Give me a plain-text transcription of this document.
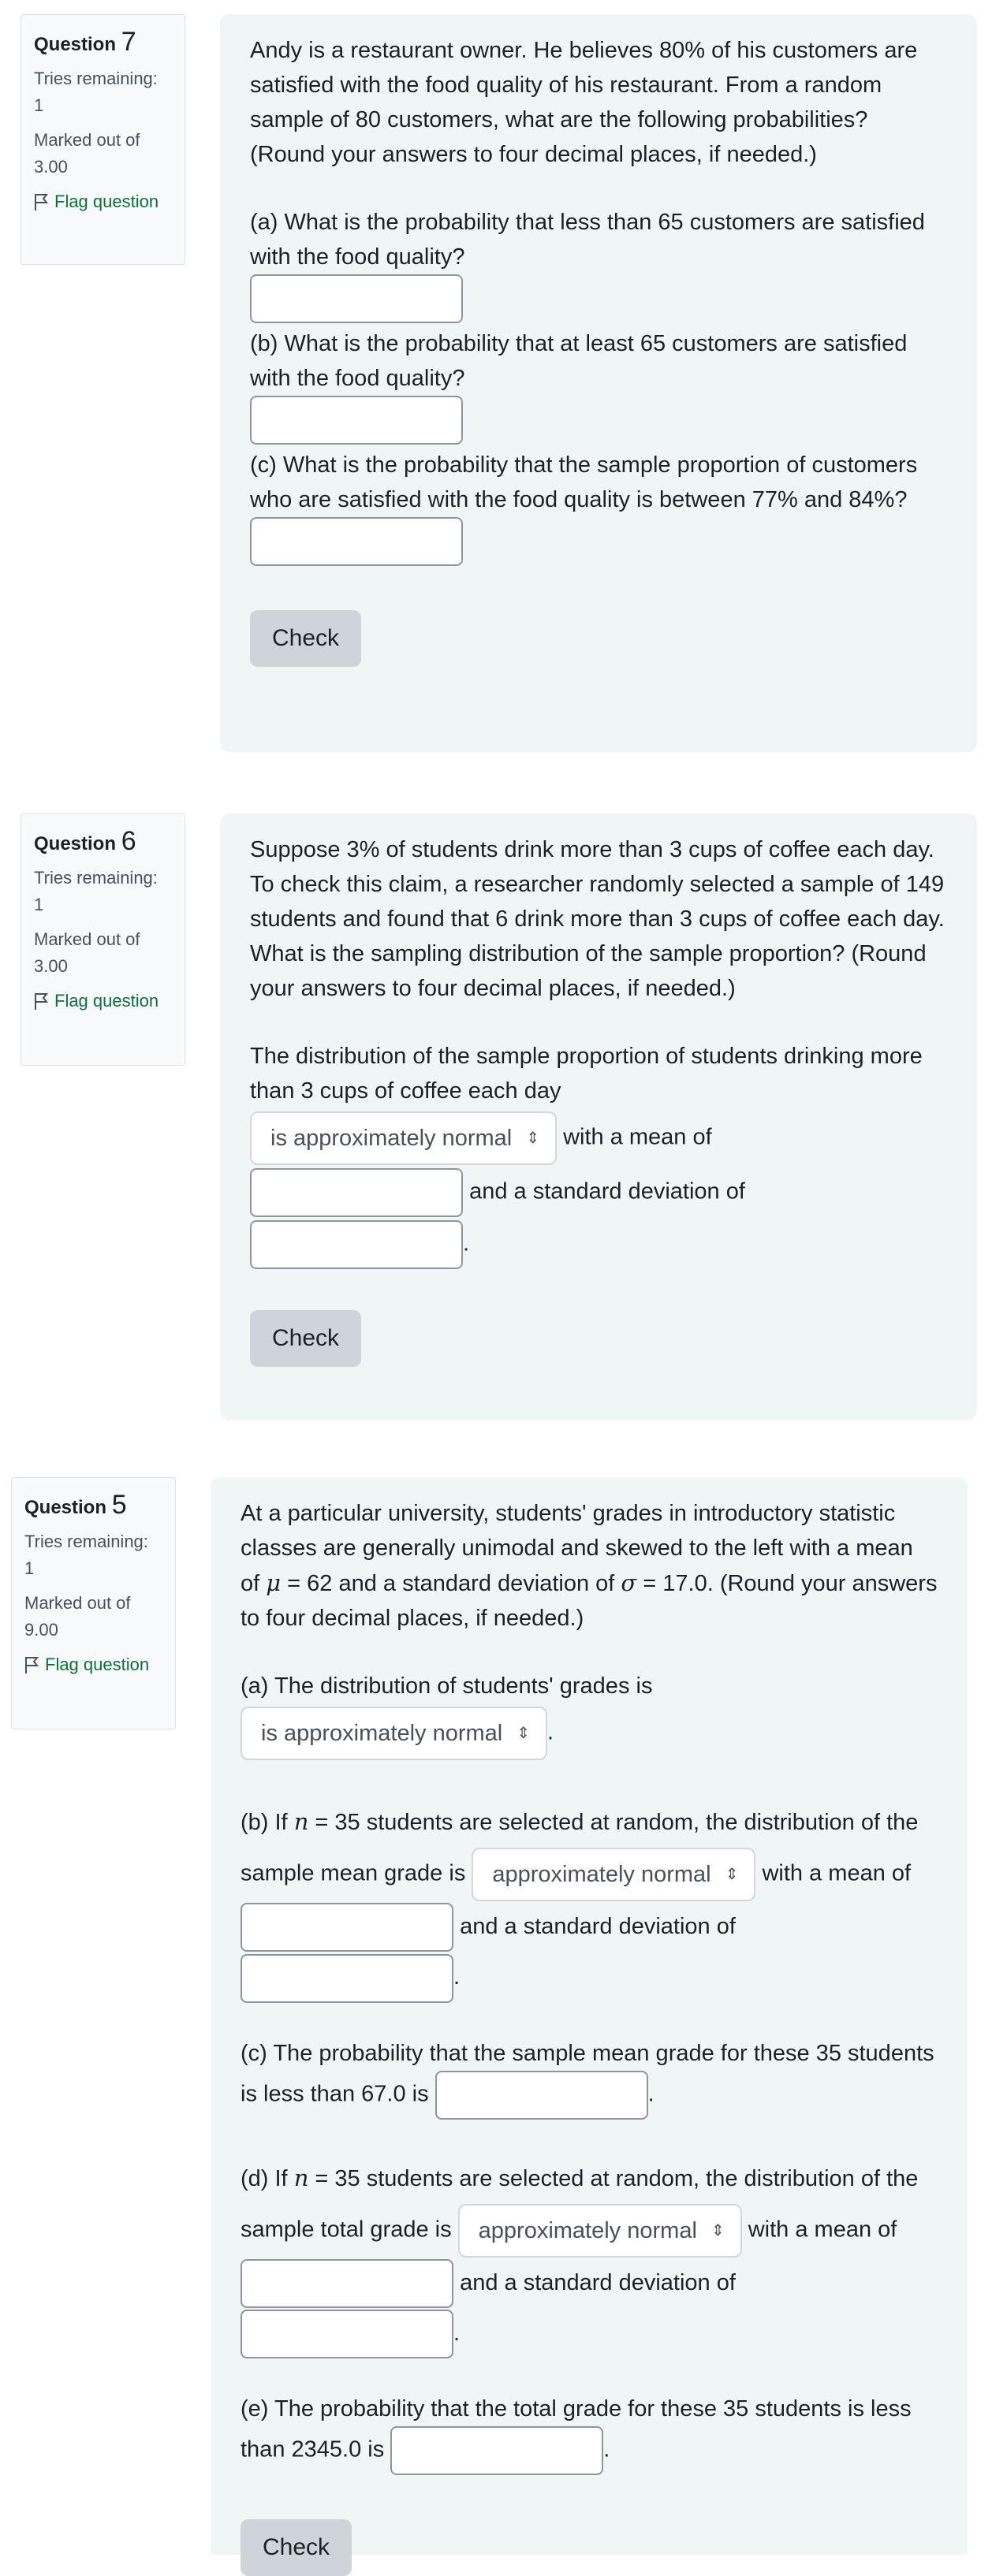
Question 7
Tries remaining: 1
Marked out of 3.00
Flag question

Andy is a restaurant owner. He believes 80% of his customers are satisfied with the food quality of his restaurant. From a random sample of 80 customers, what are the following probabilities? (Round your answers to four decimal places, if needed.)

(a) What is the probability that less than 65 customers are satisfied with the food quality?

(b) What is the probability that at least 65 customers are satisfied with the food quality?

(c) What is the probability that the sample proportion of customers who are satisfied with the food quality is between 77% and 84%?

Check
Question 6
Tries remaining: 1
Marked out of 3.00
Flag question

Suppose 3% of students drink more than 3 cups of coffee each day. To check this claim, a researcher randomly selected a sample of 149 students and found that 6 drink more than 3 cups of coffee each day. What is the sampling distribution of the sample proportion? (Round your answers to four decimal places, if needed.)

The distribution of the sample proportion of students drinking more than 3 cups of coffee each day

is approximately normal ⇕ with a mean of
and a standard deviation of
.
Check
Question 5
Tries remaining: 1
Marked out of 9.00
Flag question

At a particular university, students' grades in introductory statistic classes are generally unimodal and skewed to the left with a mean of μ = 62 and a standard deviation of σ = 17.0. (Round your answers to four decimal places, if needed.)

(a) The distribution of students' grades is

is approximately normal ⇕ .

(b) If n = 35 students are selected at random, the distribution of the sample mean grade is approximately normal ⇕ with a mean of  and a standard deviation of .

(c) The probability that the sample mean grade for these 35 students is less than 67.0 is	.

(d) If n = 35 students are selected at random, the distribution of the sample total grade is approximately normal ⇕ with a mean of  and a standard deviation of .

(e) The probability that the total grade for these 35 students is less than 2345.0 is	.

Check
